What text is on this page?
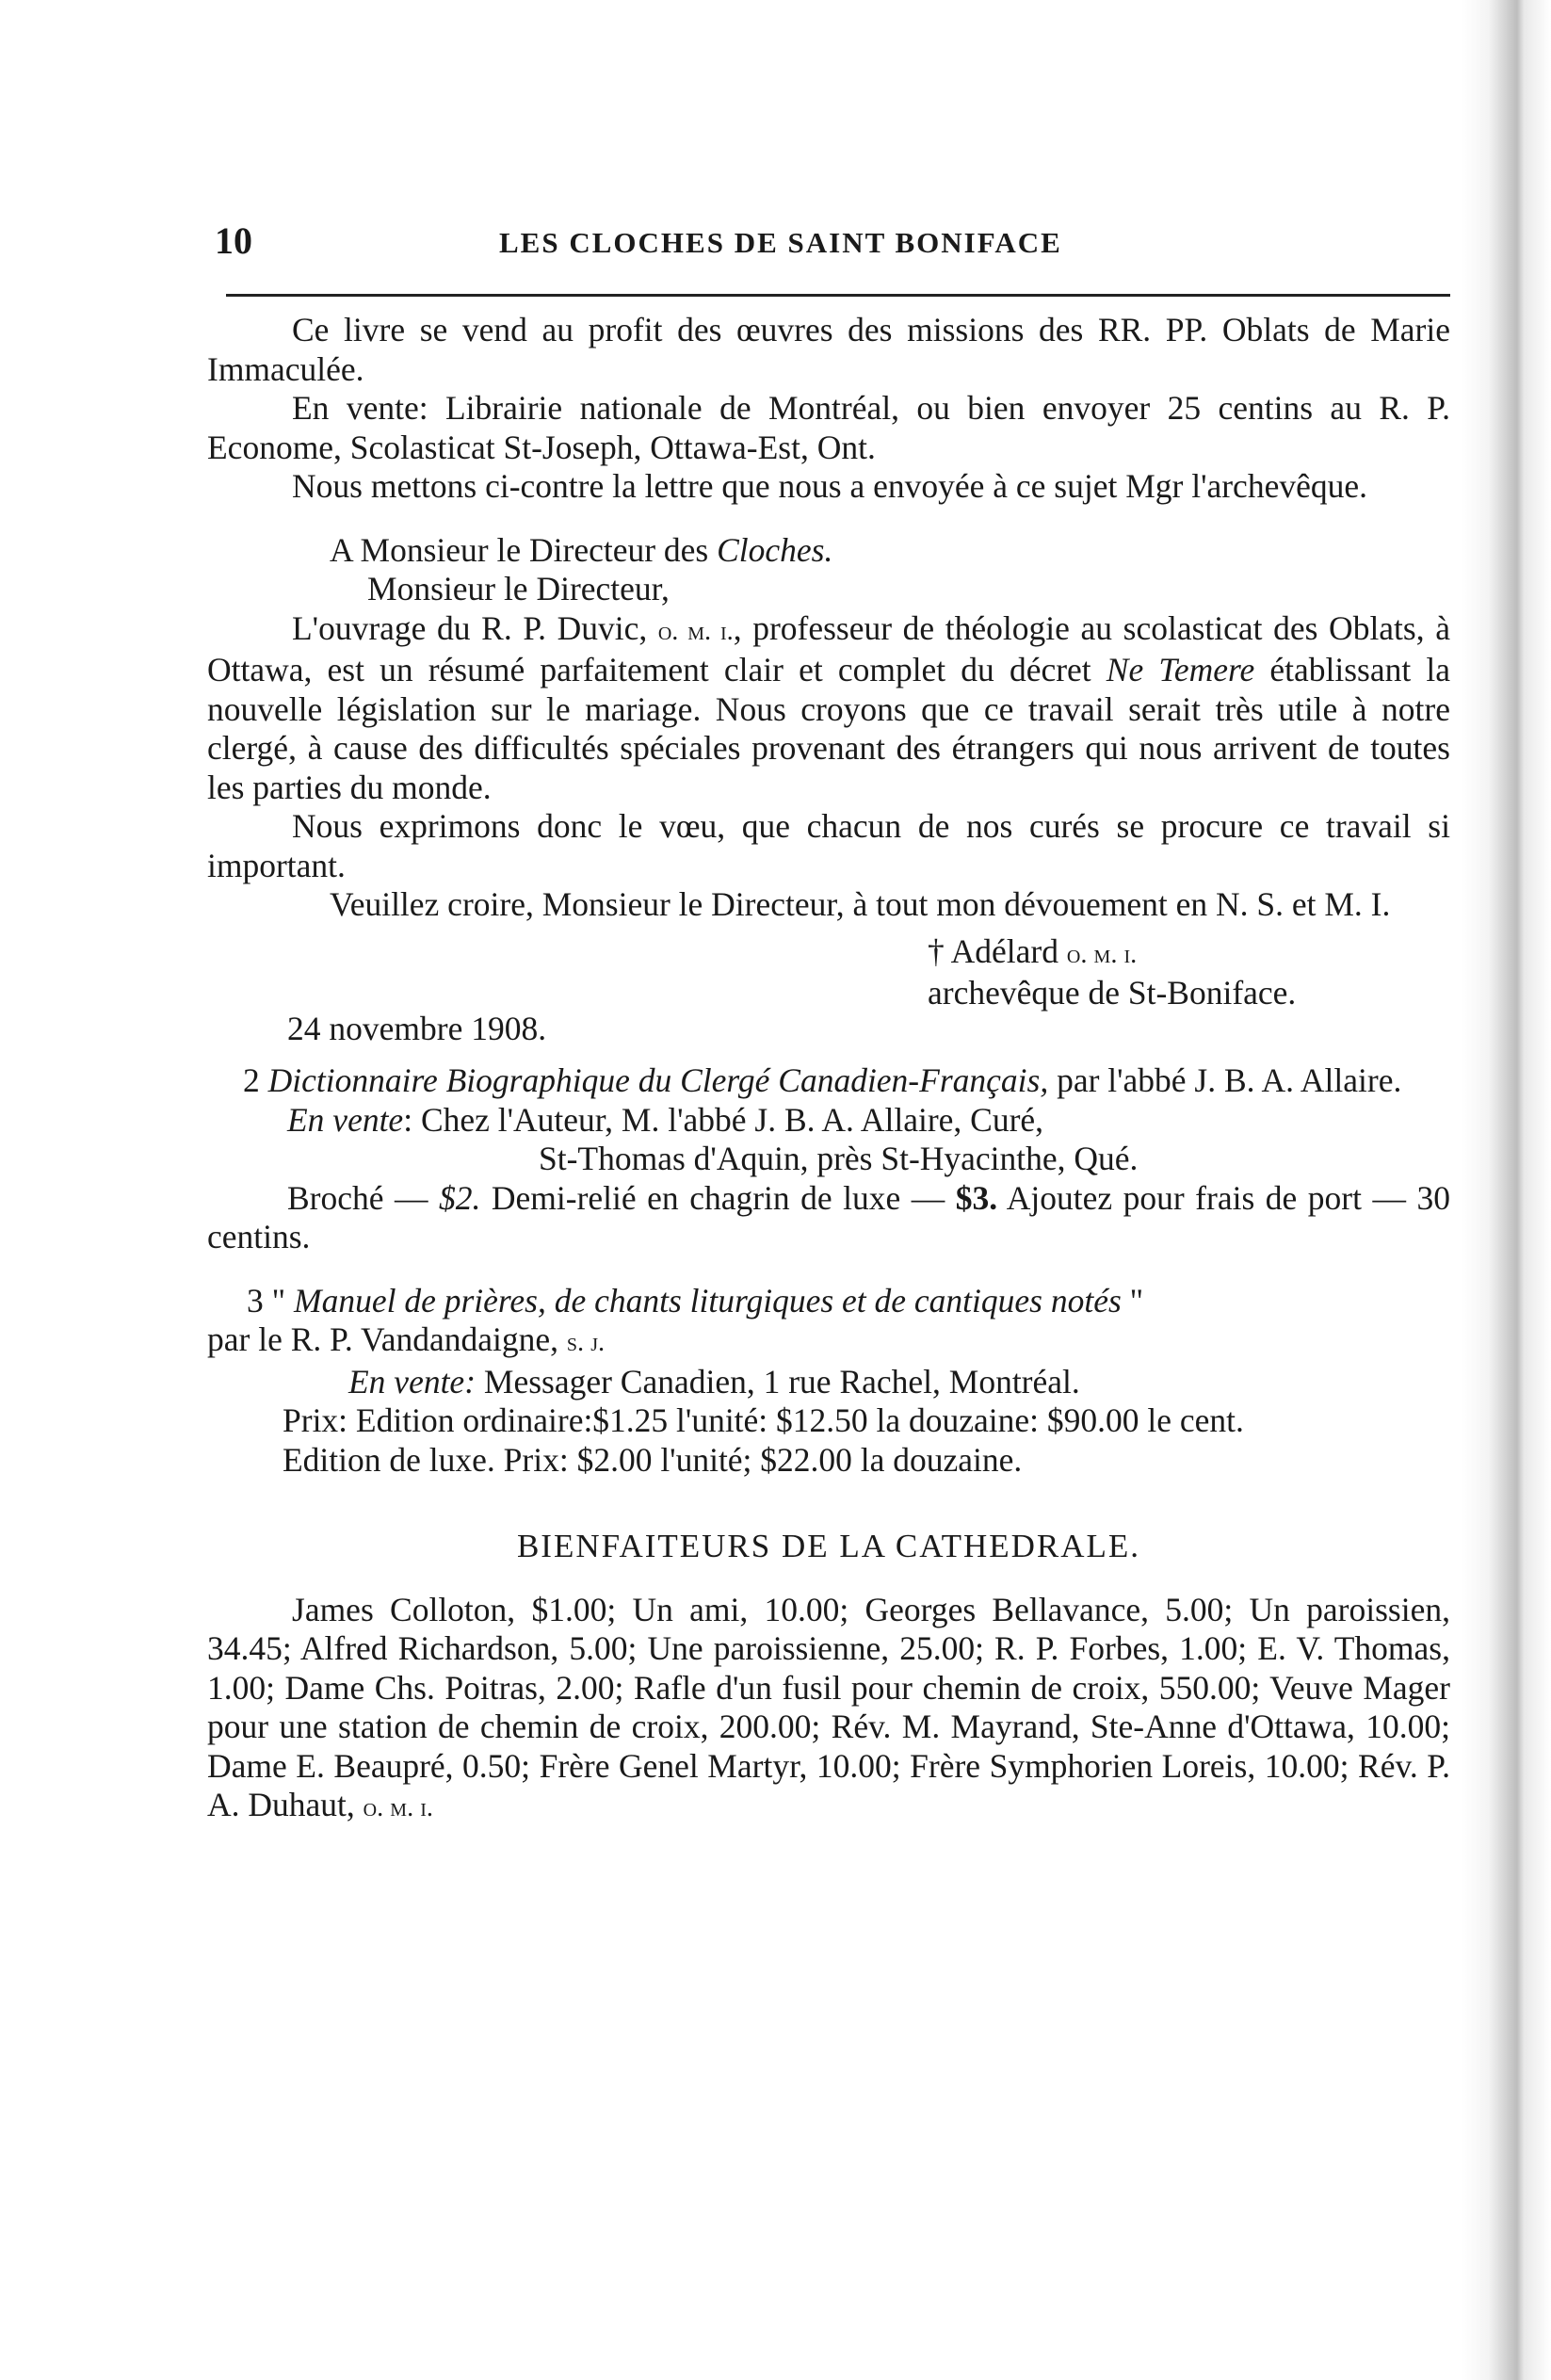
10	LES CLOCHES DE SAINT BONIFACE

Ce livre se vend au profit des œuvres des missions des RR. PP. Oblats de Marie Immaculée.

En vente: Librairie nationale de Montréal, ou bien envoyer 25 centins au R. P. Econome, Scolasticat St-Joseph, Ottawa-Est, Ont.

Nous mettons ci-contre la lettre que nous a envoyée à ce sujet Mgr l'archevêque.

A Monsieur le Directeur des Cloches.

Monsieur le Directeur,

L'ouvrage du R. P. Duvic, o. m. i., professeur de théologie au scolasticat des Oblats, à Ottawa, est un résumé parfaitement clair et complet du décret Ne Temere établissant la nouvelle législation sur le mariage. Nous croyons que ce travail serait très utile à notre clergé, à cause des difficultés spéciales provenant des étrangers qui nous arrivent de toutes les parties du monde.

Nous exprimons donc le vœu, que chacun de nos curés se procure ce travail si important.

Veuillez croire, Monsieur le Directeur, à tout mon dévouement en N. S. et M. I.

† Adélard o. m. i.
archevêque de St-Boniface.

24 novembre 1908.

2 Dictionnaire Biographique du Clergé Canadien-Français, par l'abbé J. B. A. Allaire.

En vente: Chez l'Auteur, M. l'abbé J. B. A. Allaire, Curé,

St-Thomas d'Aquin, près St-Hyacinthe, Qué.

Broché — $2. Demi-relié en chagrin de luxe — $3. Ajoutez pour frais de port — 30 centins.

3 " Manuel de prières, de chants liturgiques et de cantiques notés "

par le R. P. Vandandaigne, s. j.

En vente: Messager Canadien, 1 rue Rachel, Montréal.

Prix: Edition ordinaire:$1.25 l'unité: $12.50 la douzaine: $90.00 le cent.

Edition de luxe. Prix: $2.00 l'unité; $22.00 la douzaine.

BIENFAITEURS DE LA CATHEDRALE.

James Colloton, $1.00; Un ami, 10.00; Georges Bellavance, 5.00; Un paroissien, 34.45; Alfred Richardson, 5.00; Une paroissienne, 25.00; R. P. Forbes, 1.00; E. V. Thomas, 1.00; Dame Chs. Poitras, 2.00; Rafle d'un fusil pour chemin de croix, 550.00; Veuve Mager pour une station de chemin de croix, 200.00; Rév. M. Mayrand, Ste-Anne d'Ottawa, 10.00; Dame E. Beaupré, 0.50; Frère Genel Martyr, 10.00; Frère Symphorien Loreis, 10.00; Rév. P. A. Duhaut, o. m. i.
